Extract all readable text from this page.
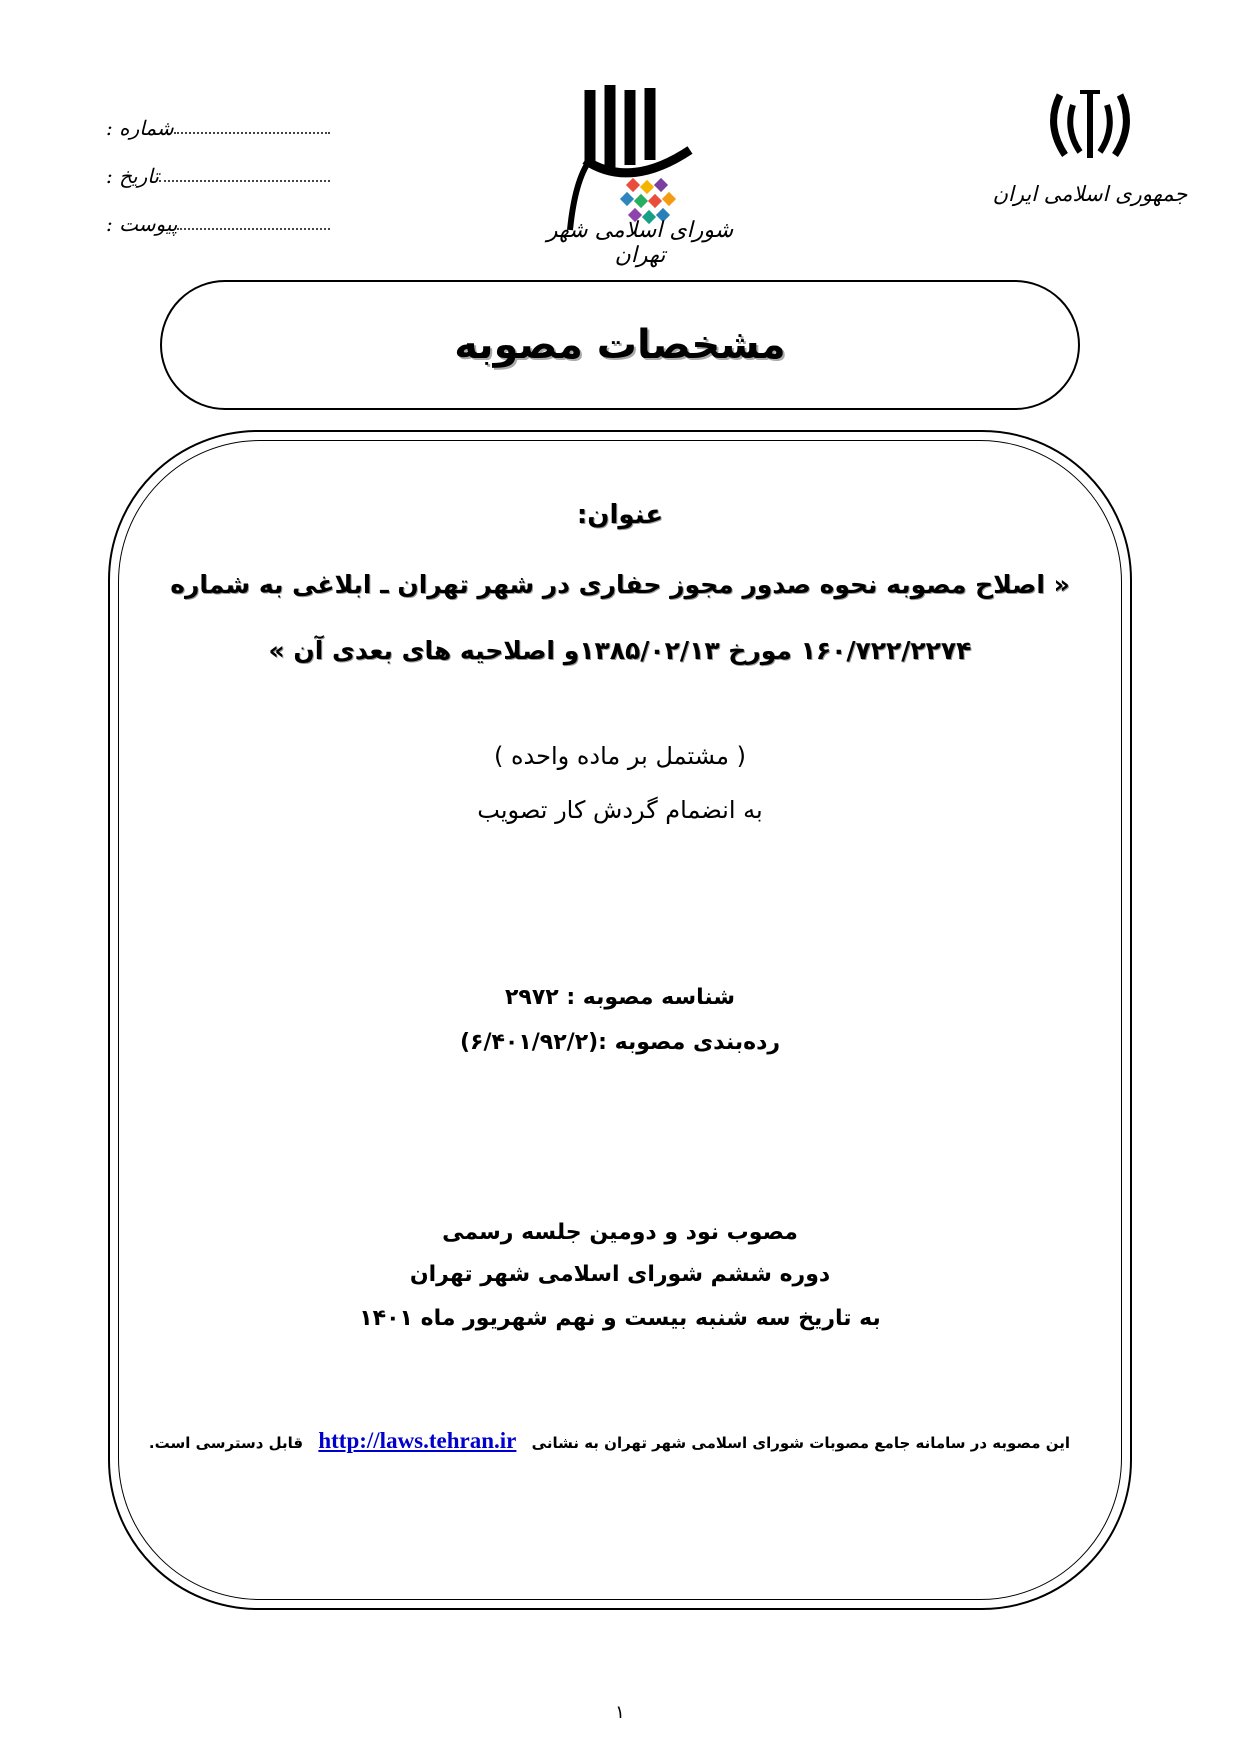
شماره :
تاریخ :
پیوست :	شورای اسلامی شهر تهران
جمهوری اسلامی ایران
مشخصات مصوبه
عنوان:
« اصلاح مصوبه نحوه صدور مجوز حفاری در شهر تهران ـ ابلاغی به شماره
۱۶۰/۷۲۲/۲۲۷۴ مورخ ۱۳۸۵/۰۲/۱۳و اصلاحیه های بعدی آن »
( مشتمل بر ماده واحده )
به انضمام گردش کار تصویب
شناسه مصوبه : ۲۹۷۲
رده‌بندی مصوبه :(۶/۴۰۱/۹۲/۲)
مصوب نود و دومین جلسه رسمی
دوره ششم شورای اسلامی شهر تهران
به تاریخ سه شنبه بیست و نهم شهریور ماه ۱۴۰۱
این مصوبه در سامانه جامع مصوبات شورای اسلامی شهر تهران به نشانی http://laws.tehran.ir قابل دسترسی است.
۱
